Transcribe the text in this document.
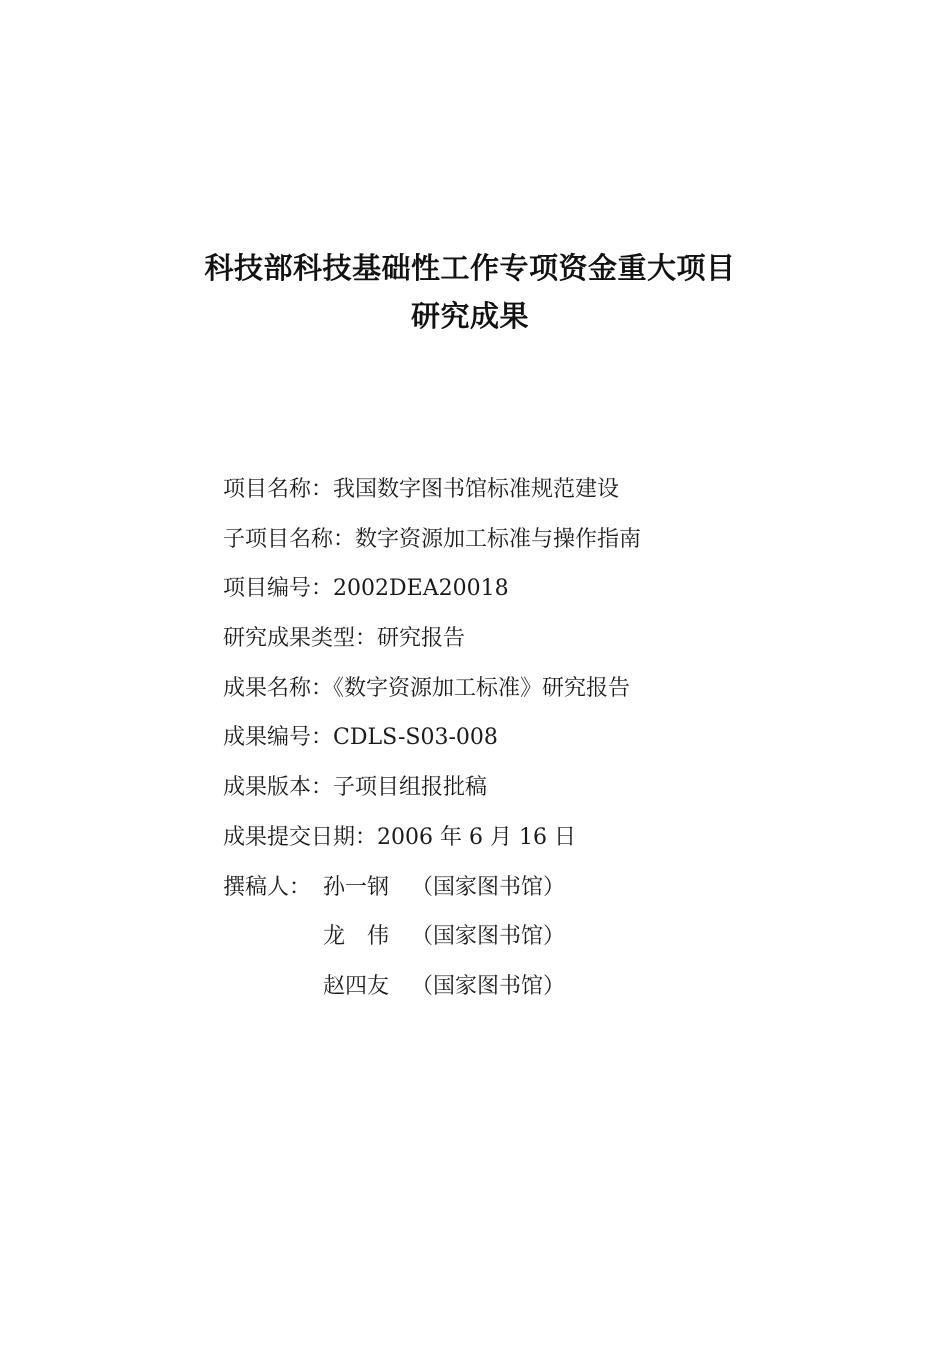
科技部科技基础性工作专项资金重大项目
研究成果
项目名称：我国数字图书馆标准规范建设
子项目名称：数字资源加工标准与操作指南
项目编号：2002DEA20018
研究成果类型：研究报告
成果名称：《数字资源加工标准》研究报告
成果编号：CDLS-S03-008
成果版本：子项目组报批稿
成果提交日期：2006 年 6 月 16 日
撰稿人： 孙一钢 （国家图书馆）
龙　伟 （国家图书馆）
赵四友 （国家图书馆）
